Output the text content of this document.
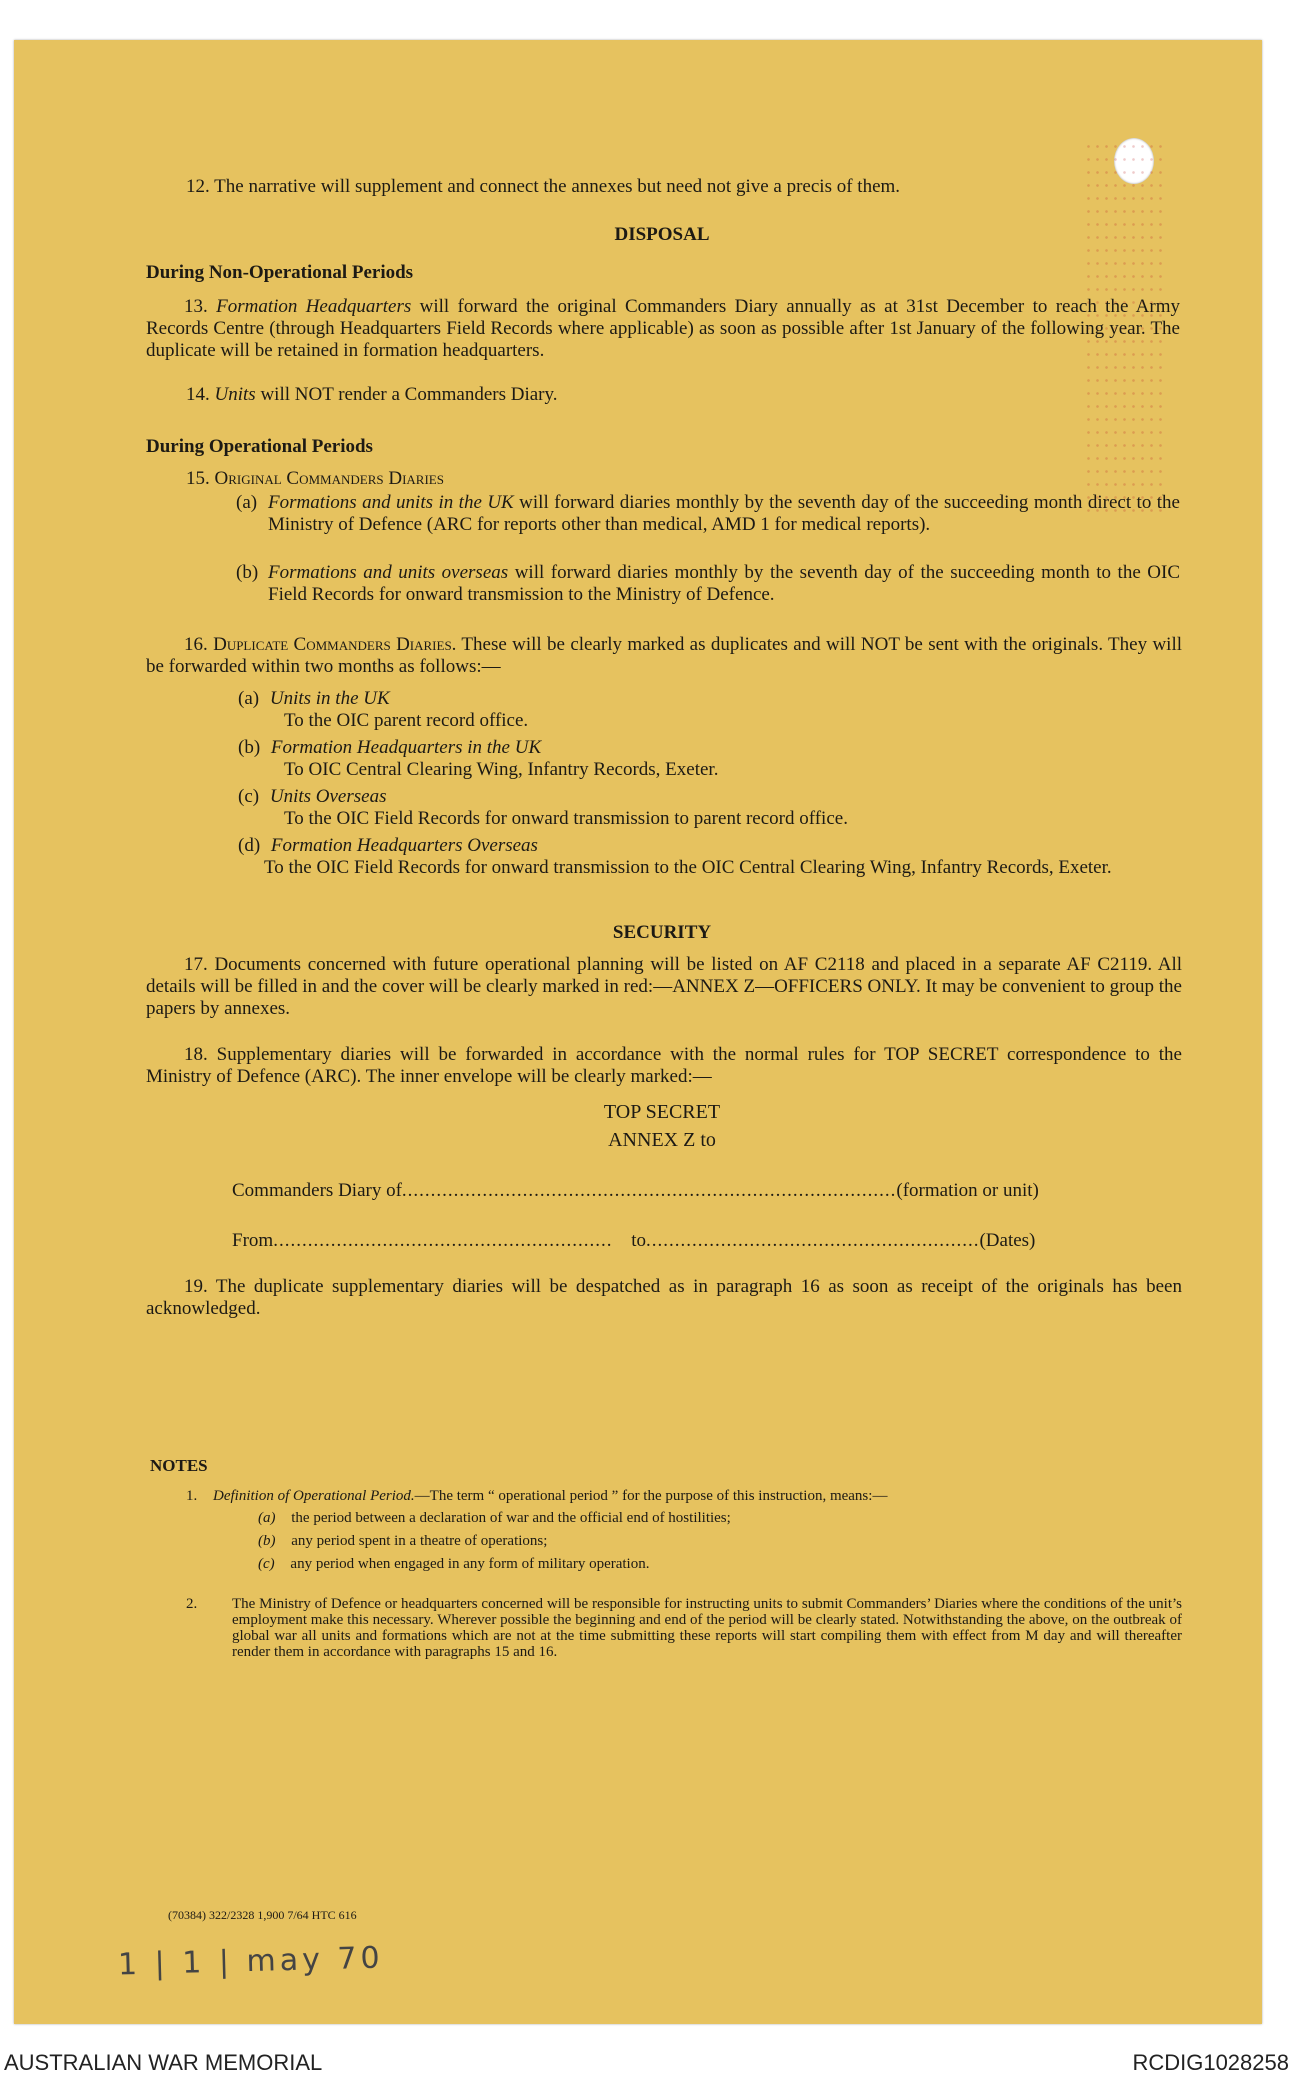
12. The narrative will supplement and connect the annexes but need not give a precis of them.
DISPOSAL
During Non-Operational Periods
13. Formation Headquarters will forward the original Commanders Diary annually as at 31st December to reach the Army Records Centre (through Headquarters Field Records where applicable) as soon as possible after 1st January of the following year. The duplicate will be retained in formation headquarters.
14. Units will NOT render a Commanders Diary.
During Operational Periods
15. Original Commanders Diaries
(a) Formations and units in the UK will forward diaries monthly by the seventh day of the succeeding month direct to the Ministry of Defence (ARC for reports other than medical, AMD 1 for medical reports).
(b) Formations and units overseas will forward diaries monthly by the seventh day of the succeeding month to the OIC Field Records for onward transmission to the Ministry of Defence.
16. Duplicate Commanders Diaries. These will be clearly marked as duplicates and will NOT be sent with the originals. They will be forwarded within two months as follows:—
(a) Units in the UK
To the OIC parent record office.
(b) Formation Headquarters in the UK
To OIC Central Clearing Wing, Infantry Records, Exeter.
(c) Units Overseas
To the OIC Field Records for onward transmission to parent record office.
(d) Formation Headquarters Overseas

To the OIC Field Records for onward transmission to the OIC Central Clearing Wing, Infantry Records, Exeter.
SECURITY
17. Documents concerned with future operational planning will be listed on AF C2118 and placed in a separate AF C2119. All details will be filled in and the cover will be clearly marked in red:—ANNEX Z—OFFICERS ONLY. It may be convenient to group the papers by annexes.
18. Supplementary diaries will be forwarded in accordance with the normal rules for TOP SECRET correspondence to the Ministry of Defence (ARC). The inner envelope will be clearly marked:—
TOP SECRET
ANNEX Z to
Commanders Diary of......................................................................................(formation or unit)
From........................................................... to..........................................................(Dates)
19. The duplicate supplementary diaries will be despatched as in paragraph 16 as soon as receipt of the originals has been acknowledged.
NOTES
1. Definition of Operational Period.—The term “ operational period ” for the purpose of this instruction, means:—
(a) the period between a declaration of war and the official end of hostilities;
(b) any period spent in a theatre of operations;
(c) any period when engaged in any form of military operation.
2. The Ministry of Defence or headquarters concerned will be responsible for instructing units to submit Commanders’ Diaries where the conditions of the unit’s employment make this necessary. Wherever possible the beginning and end of the period will be clearly stated. Notwithstanding the above, on the outbreak of global war all units and formations which are not at the time submitting these reports will start compiling them with effect from M day and will thereafter render them in accordance with paragraphs 15 and 16.
(70384) 322/2328 1,900 7/64 HTC 616
1 | 1 | may 70
AUSTRALIAN WAR MEMORIAL	RCDIG1028258
